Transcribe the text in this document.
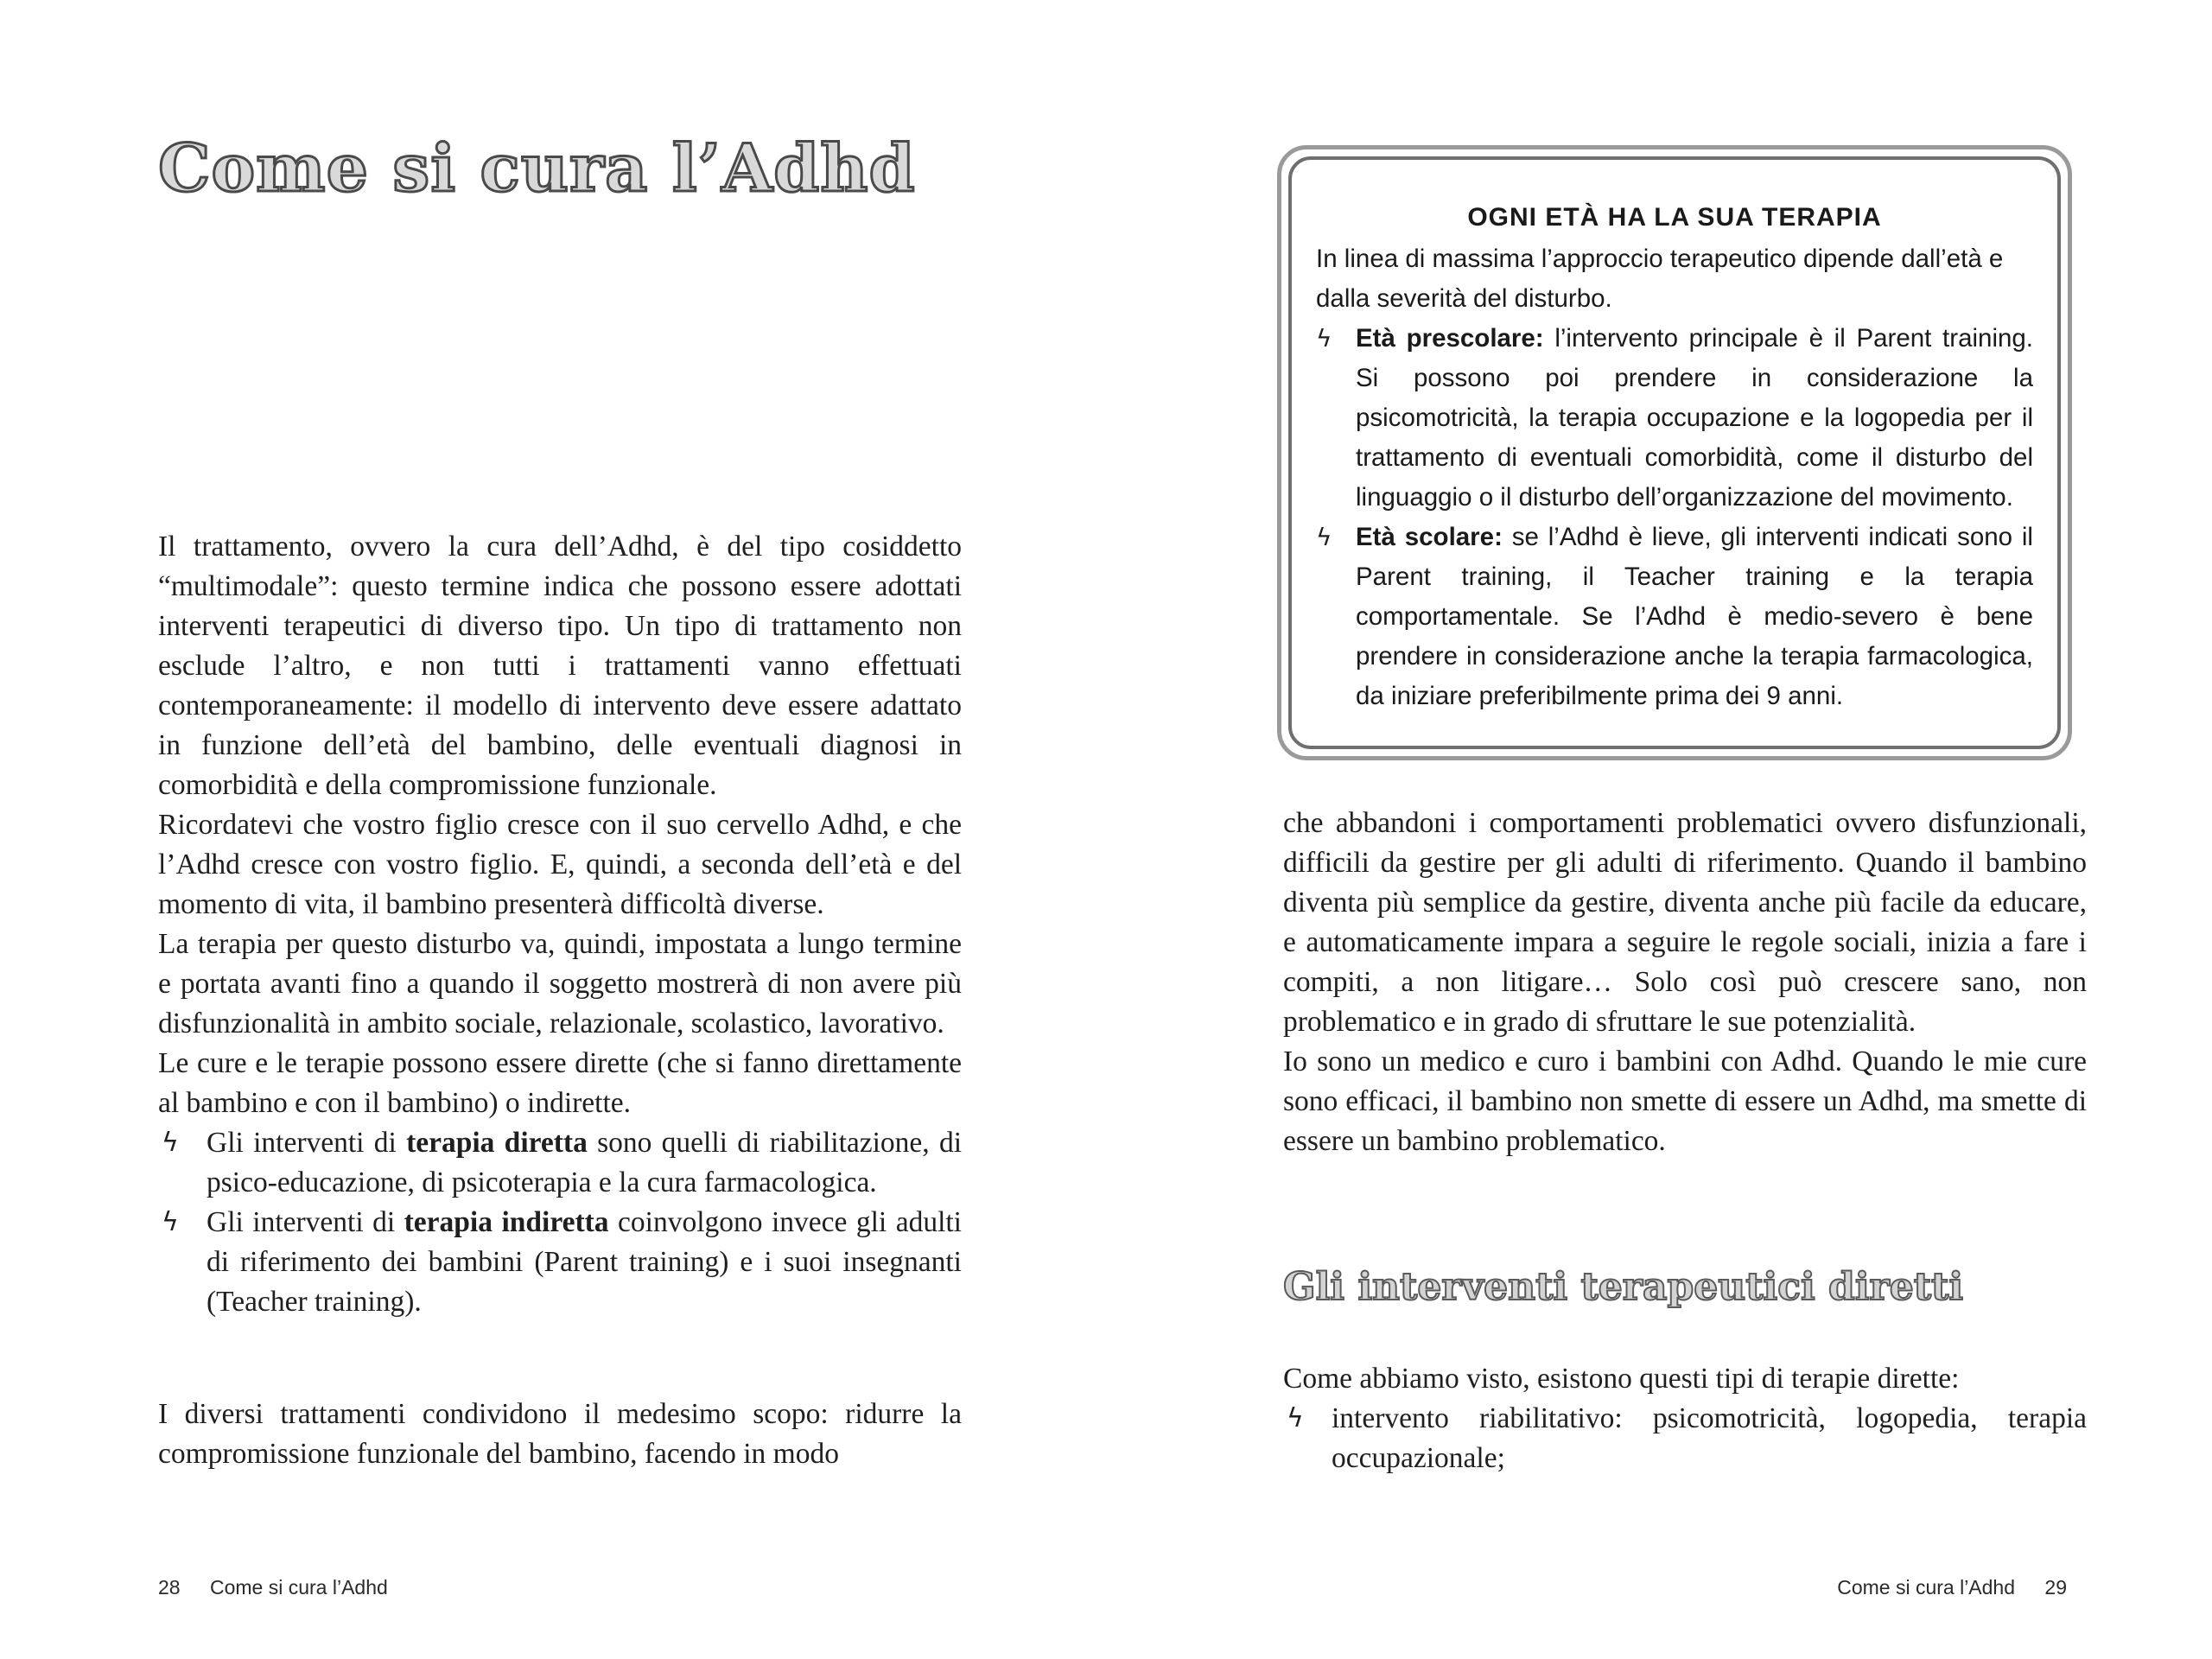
Come si cura l’Adhd

Il trattamento, ovvero la cura dell’Adhd, è del tipo cosiddetto “multimodale”: questo termine indica che possono essere adottati interventi terapeutici di diverso tipo. Un tipo di trattamento non esclude l’altro, e non tutti i trattamenti vanno effettuati contemporaneamente: il modello di intervento deve essere adattato in funzione dell’età del bambino, delle eventuali diagnosi in comorbidità e della compromissione funzionale.

Ricordatevi che vostro figlio cresce con il suo cervello Adhd, e che l’Adhd cresce con vostro figlio. E, quindi, a seconda dell’età e del momento di vita, il bambino presenterà difficoltà diverse.

La terapia per questo disturbo va, quindi, impostata a lungo termine e portata avanti fino a quando il soggetto mostrerà di non avere più disfunzionalità in ambito sociale, relazionale, scolastico, lavorativo.

Le cure e le terapie possono essere dirette (che si fanno direttamente al bambino e con il bambino) o indirette.

ϟ Gli interventi di terapia diretta sono quelli di riabilitazione, di psico-educazione, di psicoterapia e la cura farmacologica.
ϟ Gli interventi di terapia indiretta coinvolgono invece gli adulti di riferimento dei bambini (Parent training) e i suoi insegnanti (Teacher training).

I diversi trattamenti condividono il medesimo scopo: ridurre la compromissione funzionale del bambino, facendo in modo

28 Come si cura l’Adhd
OGNI ETÀ HA LA SUA TERAPIA

In linea di massima l’approccio terapeutico dipende dall’età e dalla severità del disturbo.

ϟ Età prescolare: l’intervento principale è il Parent training. Si possono poi prendere in considerazione la psicomotricità, la terapia occupazione e la logopedia per il trattamento di eventuali comorbidità, come il disturbo del linguaggio o il disturbo dell’organizzazione del movimento.
ϟ Età scolare: se l’Adhd è lieve, gli interventi indicati sono il Parent training, il Teacher training e la terapia comportamentale. Se l’Adhd è medio-severo è bene prendere in considerazione anche la terapia farmacologica, da iniziare preferibilmente prima dei 9 anni.

che abbandoni i comportamenti problematici ovvero disfunzionali, difficili da gestire per gli adulti di riferimento. Quando il bambino diventa più semplice da gestire, diventa anche più facile da educare, e automaticamente impara a seguire le regole sociali, inizia a fare i compiti, a non litigare… Solo così può crescere sano, non problematico e in grado di sfruttare le sue potenzialità.

Io sono un medico e curo i bambini con Adhd. Quando le mie cure sono efficaci, il bambino non smette di essere un Adhd, ma smette di essere un bambino problematico.

Gli interventi terapeutici diretti

Come abbiamo visto, esistono questi tipi di terapie dirette:

ϟ intervento riabilitativo: psicomotricità, logopedia, terapia occupazionale;
Come si cura l’Adhd 29
